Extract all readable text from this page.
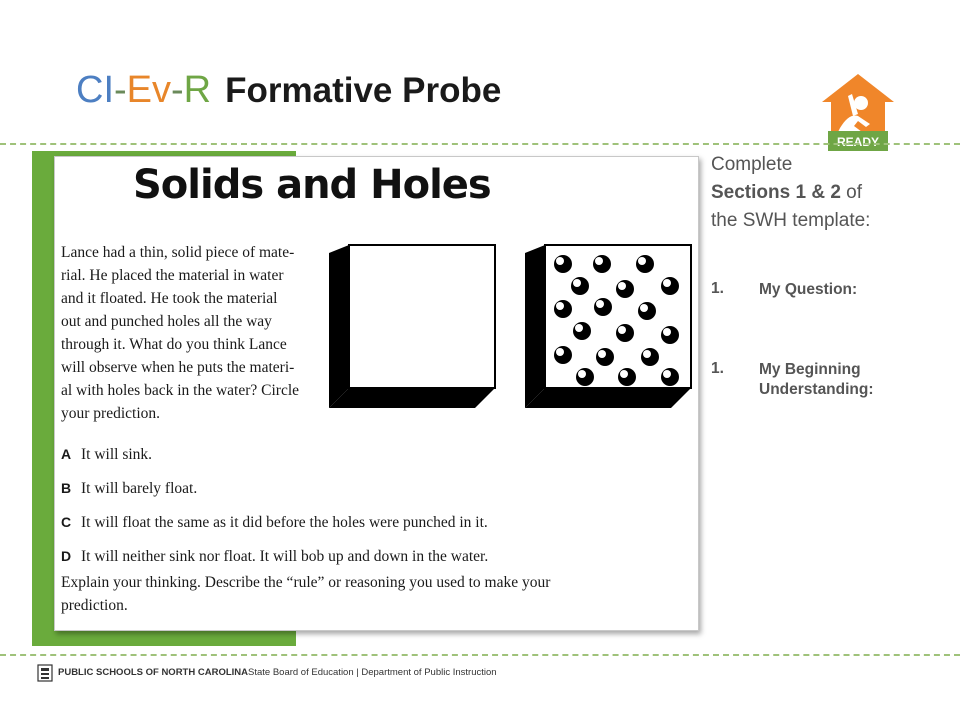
CI-Ev-R Formative Probe
READY
Solids and Holes
Lance had a thin, solid piece of mate-
rial. He placed the material in water
and it floated. He took the material
out and punched holes all the way
through it. What do you think Lance
will observe when he puts the materi-
al with holes back in the water? Circle
your prediction.
A It will sink.
B It will barely float.
C It will float the same as it did before the holes were punched in it.
D It will neither sink nor float. It will bob up and down in the water.
Explain your thinking. Describe the “rule” or reasoning you used to make your
prediction.
Complete
Sections 1 & 2 of
the SWH template:
1.	My Question:
1.	My Beginning Understanding:
PUBLIC SCHOOLS OF NORTH CAROLINA State Board of Education | Department of Public Instruction
